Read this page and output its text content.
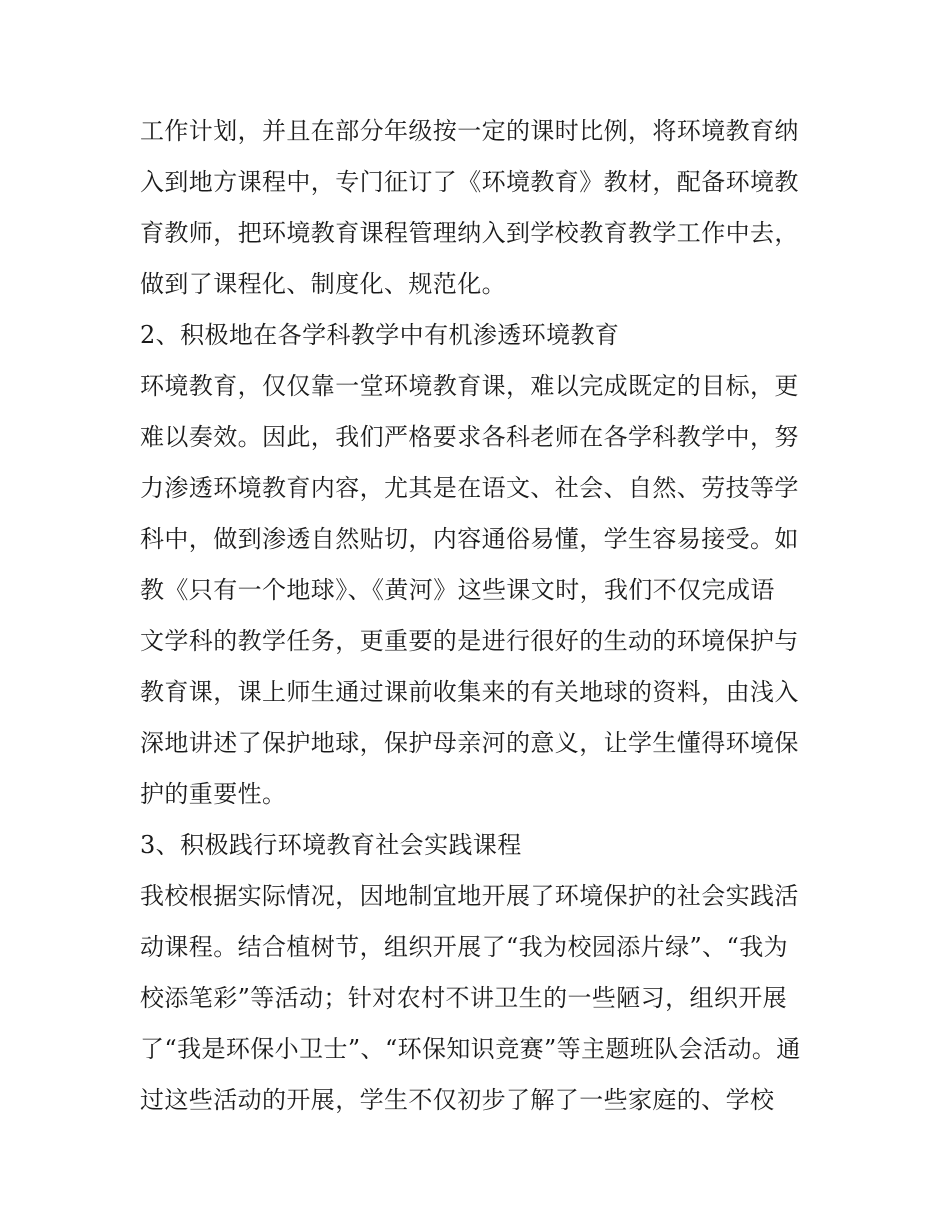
工作计划，并且在部分年级按一定的课时比例，将环境教育纳
入到地方课程中，专门征订了《环境教育》教材，配备环境教
育教师，把环境教育课程管理纳入到学校教育教学工作中去，
做到了课程化、制度化、规范化。
2、积极地在各学科教学中有机渗透环境教育
环境教育，仅仅靠一堂环境教育课，难以完成既定的目标，更
难以奏效。因此，我们严格要求各科老师在各学科教学中，努
力渗透环境教育内容，尤其是在语文、社会、自然、劳技等学
科中，做到渗透自然贴切，内容通俗易懂，学生容易接受。如
教《只有一个地球》、《黄河》这些课文时，我们不仅完成语
文学科的教学任务，更重要的是进行很好的生动的环境保护与
教育课，课上师生通过课前收集来的有关地球的资料，由浅入
深地讲述了保护地球，保护母亲河的意义，让学生懂得环境保
护的重要性。
3、积极践行环境教育社会实践课程
我校根据实际情况，因地制宜地开展了环境保护的社会实践活
动课程。结合植树节，组织开展了“我为校园添片绿”、“我为
校添笔彩”等活动；针对农村不讲卫生的一些陋习，组织开展
了“我是环保小卫士”、“环保知识竞赛”等主题班队会活动。通
过这些活动的开展，学生不仅初步了解了一些家庭的、学校
